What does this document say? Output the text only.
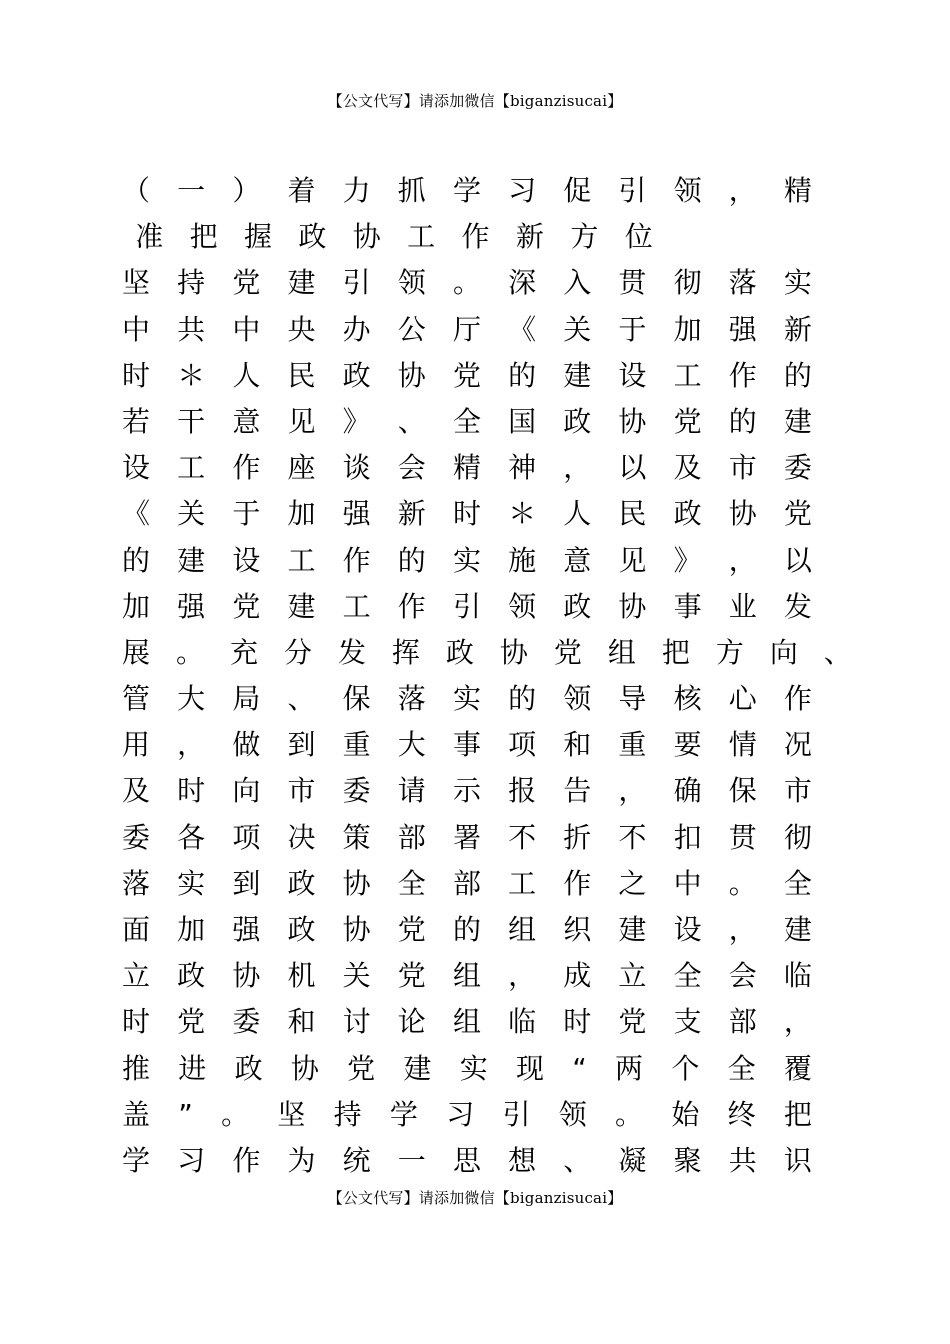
【公文代写】请添加微信【biganzisucai】
（ 一 ） 着 力 抓 学 习 促 引 领 ， 精
准 把 握 政 协 工 作 新 方 位
坚 持 党 建 引 领 。 深 入 贯 彻 落 实
中 共 中 央 办 公 厅 《 关 于 加 强 新
时 ＊ 人 民 政 协 党 的 建 设 工 作 的
若 干 意 见 》 、 全 国 政 协 党 的 建
设 工 作 座 谈 会 精 神 ， 以 及 市 委
《 关 于 加 强 新 时 ＊ 人 民 政 协 党
的 建 设 工 作 的 实 施 意 见 》 ， 以
加 强 党 建 工 作 引 领 政 协 事 业 发
展 。 充 分 发 挥 政 协 党 组 把 方 向 、
管 大 局 、 保 落 实 的 领 导 核 心 作
用 ， 做 到 重 大 事 项 和 重 要 情 况
及 时 向 市 委 请 示 报 告 ， 确 保 市
委 各 项 决 策 部 署 不 折 不 扣 贯 彻
落 实 到 政 协 全 部 工 作 之 中 。 全
面 加 强 政 协 党 的 组 织 建 设 ， 建
立 政 协 机 关 党 组 ， 成 立 全 会 临
时 党 委 和 讨 论 组 临 时 党 支 部 ，
推 进 政 协 党 建 实 现 “ 两 个 全 覆
盖 ” 。 坚 持 学 习 引 领 。 始 终 把
学 习 作 为 统 一 思 想 、 凝 聚 共 识
【公文代写】请添加微信【biganzisucai】
